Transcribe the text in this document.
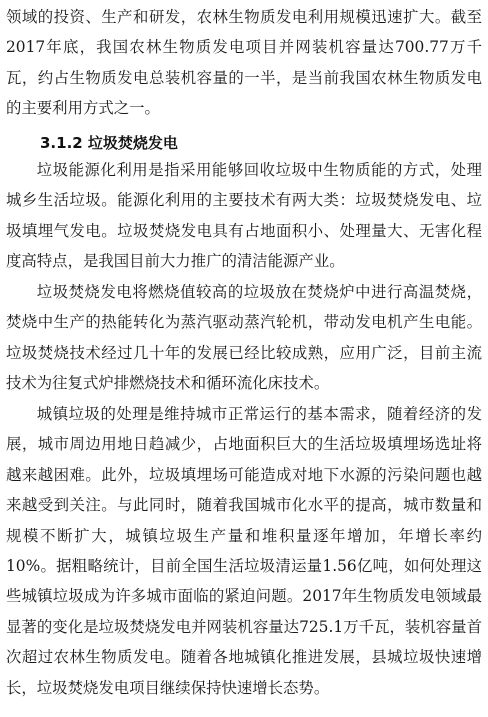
领域的投资、生产和研发，农林生物质发电利用规模迅速扩大。截至2017年底，我国农林生物质发电项目并网装机容量达700.77万千瓦，约占生物质发电总装机容量的一半，是当前我国农林生物质发电的主要利用方式之一。

3.1.2 垃圾焚烧发电

垃圾能源化利用是指采用能够回收垃圾中生物质能的方式，处理城乡生活垃圾。能源化利用的主要技术有两大类：垃圾焚烧发电、垃圾填埋气发电。垃圾焚烧发电具有占地面积小、处理量大、无害化程度高特点，是我国目前大力推广的清洁能源产业。

垃圾焚烧发电将燃烧值较高的垃圾放在焚烧炉中进行高温焚烧，焚烧中生产的热能转化为蒸汽驱动蒸汽轮机，带动发电机产生电能。垃圾焚烧技术经过几十年的发展已经比较成熟，应用广泛，目前主流技术为往复式炉排燃烧技术和循环流化床技术。

城镇垃圾的处理是维持城市正常运行的基本需求，随着经济的发展，城市周边用地日趋减少，占地面积巨大的生活垃圾填埋场选址将越来越困难。此外，垃圾填埋场可能造成对地下水源的污染问题也越来越受到关注。与此同时，随着我国城市化水平的提高，城市数量和规模不断扩大，城镇垃圾生产量和堆积量逐年增加，年增长率约10%。据粗略统计，目前全国生活垃圾清运量1.56亿吨，如何处理这些城镇垃圾成为许多城市面临的紧迫问题。2017年生物质发电领域最显著的变化是垃圾焚烧发电并网装机容量达725.1万千瓦，装机容量首次超过农林生物质发电。随着各地城镇化推进发展，县城垃圾快速增长，垃圾焚烧发电项目继续保持快速增长态势。
